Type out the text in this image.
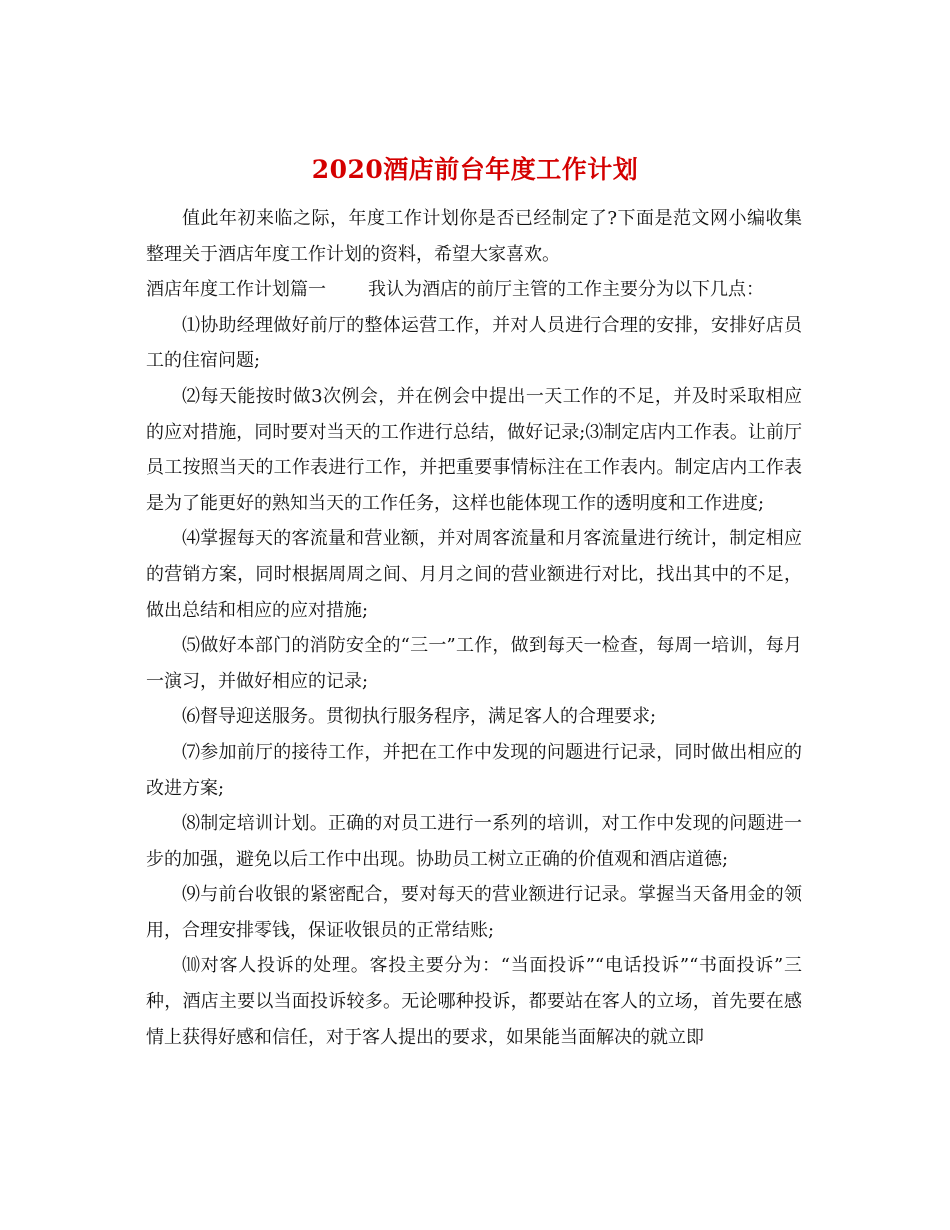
2020酒店前台年度工作计划

值此年初来临之际，年度工作计划你是否已经制定了?下面是范文网小编收集整理关于酒店年度工作计划的资料，希望大家喜欢。

酒店年度工作计划篇一 我认为酒店的前厅主管的工作主要分为以下几点：

⑴协助经理做好前厅的整体运营工作，并对人员进行合理的安排，安排好店员工的住宿问题;

⑵每天能按时做3次例会，并在例会中提出一天工作的不足，并及时采取相应的应对措施，同时要对当天的工作进行总结，做好记录;⑶制定店内工作表。让前厅员工按照当天的工作表进行工作，并把重要事情标注在工作表内。制定店内工作表是为了能更好的熟知当天的工作任务，这样也能体现工作的透明度和工作进度;

⑷掌握每天的客流量和营业额，并对周客流量和月客流量进行统计，制定相应的营销方案，同时根据周周之间、月月之间的营业额进行对比，找出其中的不足，做出总结和相应的应对措施;

⑸做好本部门的消防安全的“三一”工作，做到每天一检查，每周一培训，每月一演习，并做好相应的记录;

⑹督导迎送服务。贯彻执行服务程序，满足客人的合理要求;

⑺参加前厅的接待工作，并把在工作中发现的问题进行记录，同时做出相应的改进方案;

⑻制定培训计划。正确的对员工进行一系列的培训，对工作中发现的问题进一步的加强，避免以后工作中出现。协助员工树立正确的价值观和酒店道德;

⑼与前台收银的紧密配合，要对每天的营业额进行记录。掌握当天备用金的领用，合理安排零钱，保证收银员的正常结账;

⑽对客人投诉的处理。客投主要分为：“当面投诉”“电话投诉”“书面投诉”三种，酒店主要以当面投诉较多。无论哪种投诉，都要站在客人的立场，首先要在感情上获得好感和信任，对于客人提出的要求，如果能当面解决的就立即
